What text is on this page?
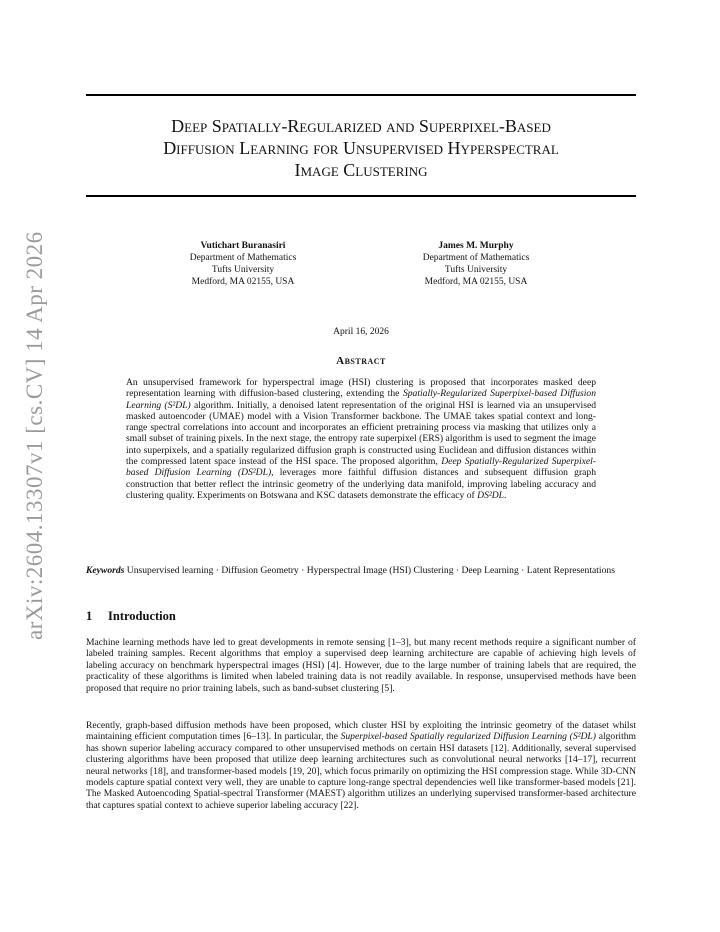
arXiv:2604.13307v1 [cs.CV] 14 Apr 2026
Deep Spatially-Regularized and Superpixel-Based
Diffusion Learning for Unsupervised Hyperspectral
Image Clustering
Vutichart Buranasiri
Department of Mathematics
Tufts University
Medford, MA 02155, USA
James M. Murphy
Department of Mathematics
Tufts University
Medford, MA 02155, USA
April 16, 2026
Abstract
An unsupervised framework for hyperspectral image (HSI) clustering is proposed that incorporates masked deep representation learning with diffusion-based clustering, extending the Spatially-Regularized Superpixel-based Diffusion Learning (S²DL) algorithm. Initially, a denoised latent representation of the original HSI is learned via an unsupervised masked autoencoder (UMAE) model with a Vision Transformer backbone. The UMAE takes spatial context and long-range spectral correlations into account and incorporates an efficient pretraining process via masking that utilizes only a small subset of training pixels. In the next stage, the entropy rate superpixel (ERS) algorithm is used to segment the image into superpixels, and a spatially regularized diffusion graph is constructed using Euclidean and diffusion distances within the compressed latent space instead of the HSI space. The proposed algorithm, Deep Spatially-Regularized Superpixel-based Diffusion Learning (DS²DL), leverages more faithful diffusion distances and subsequent diffusion graph construction that better reflect the intrinsic geometry of the underlying data manifold, improving labeling accuracy and clustering quality. Experiments on Botswana and KSC datasets demonstrate the efficacy of DS²DL.
Keywords Unsupervised learning · Diffusion Geometry · Hyperspectral Image (HSI) Clustering · Deep Learning · Latent Representations
1 Introduction
Machine learning methods have led to great developments in remote sensing [1–3], but many recent methods require a significant number of labeled training samples. Recent algorithms that employ a supervised deep learning architecture are capable of achieving high levels of labeling accuracy on benchmark hyperspectral images (HSI) [4]. However, due to the large number of training labels that are required, the practicality of these algorithms is limited when labeled training data is not readily available. In response, unsupervised methods have been proposed that require no prior training labels, such as band-subset clustering [5].
Recently, graph-based diffusion methods have been proposed, which cluster HSI by exploiting the intrinsic geometry of the dataset whilst maintaining efficient computation times [6–13]. In particular, the Superpixel-based Spatially regularized Diffusion Learning (S²DL) algorithm has shown superior labeling accuracy compared to other unsupervised methods on certain HSI datasets [12]. Additionally, several supervised clustering algorithms have been proposed that utilize deep learning architectures such as convolutional neural networks [14–17], recurrent neural networks [18], and transformer-based models [19, 20], which focus primarily on optimizing the HSI compression stage. While 3D-CNN models capture spatial context very well, they are unable to capture long-range spectral dependencies well like transformer-based models [21]. The Masked Autoencoding Spatial-spectral Transformer (MAEST) algorithm utilizes an underlying supervised transformer-based architecture that captures spatial context to achieve superior labeling accuracy [22].
